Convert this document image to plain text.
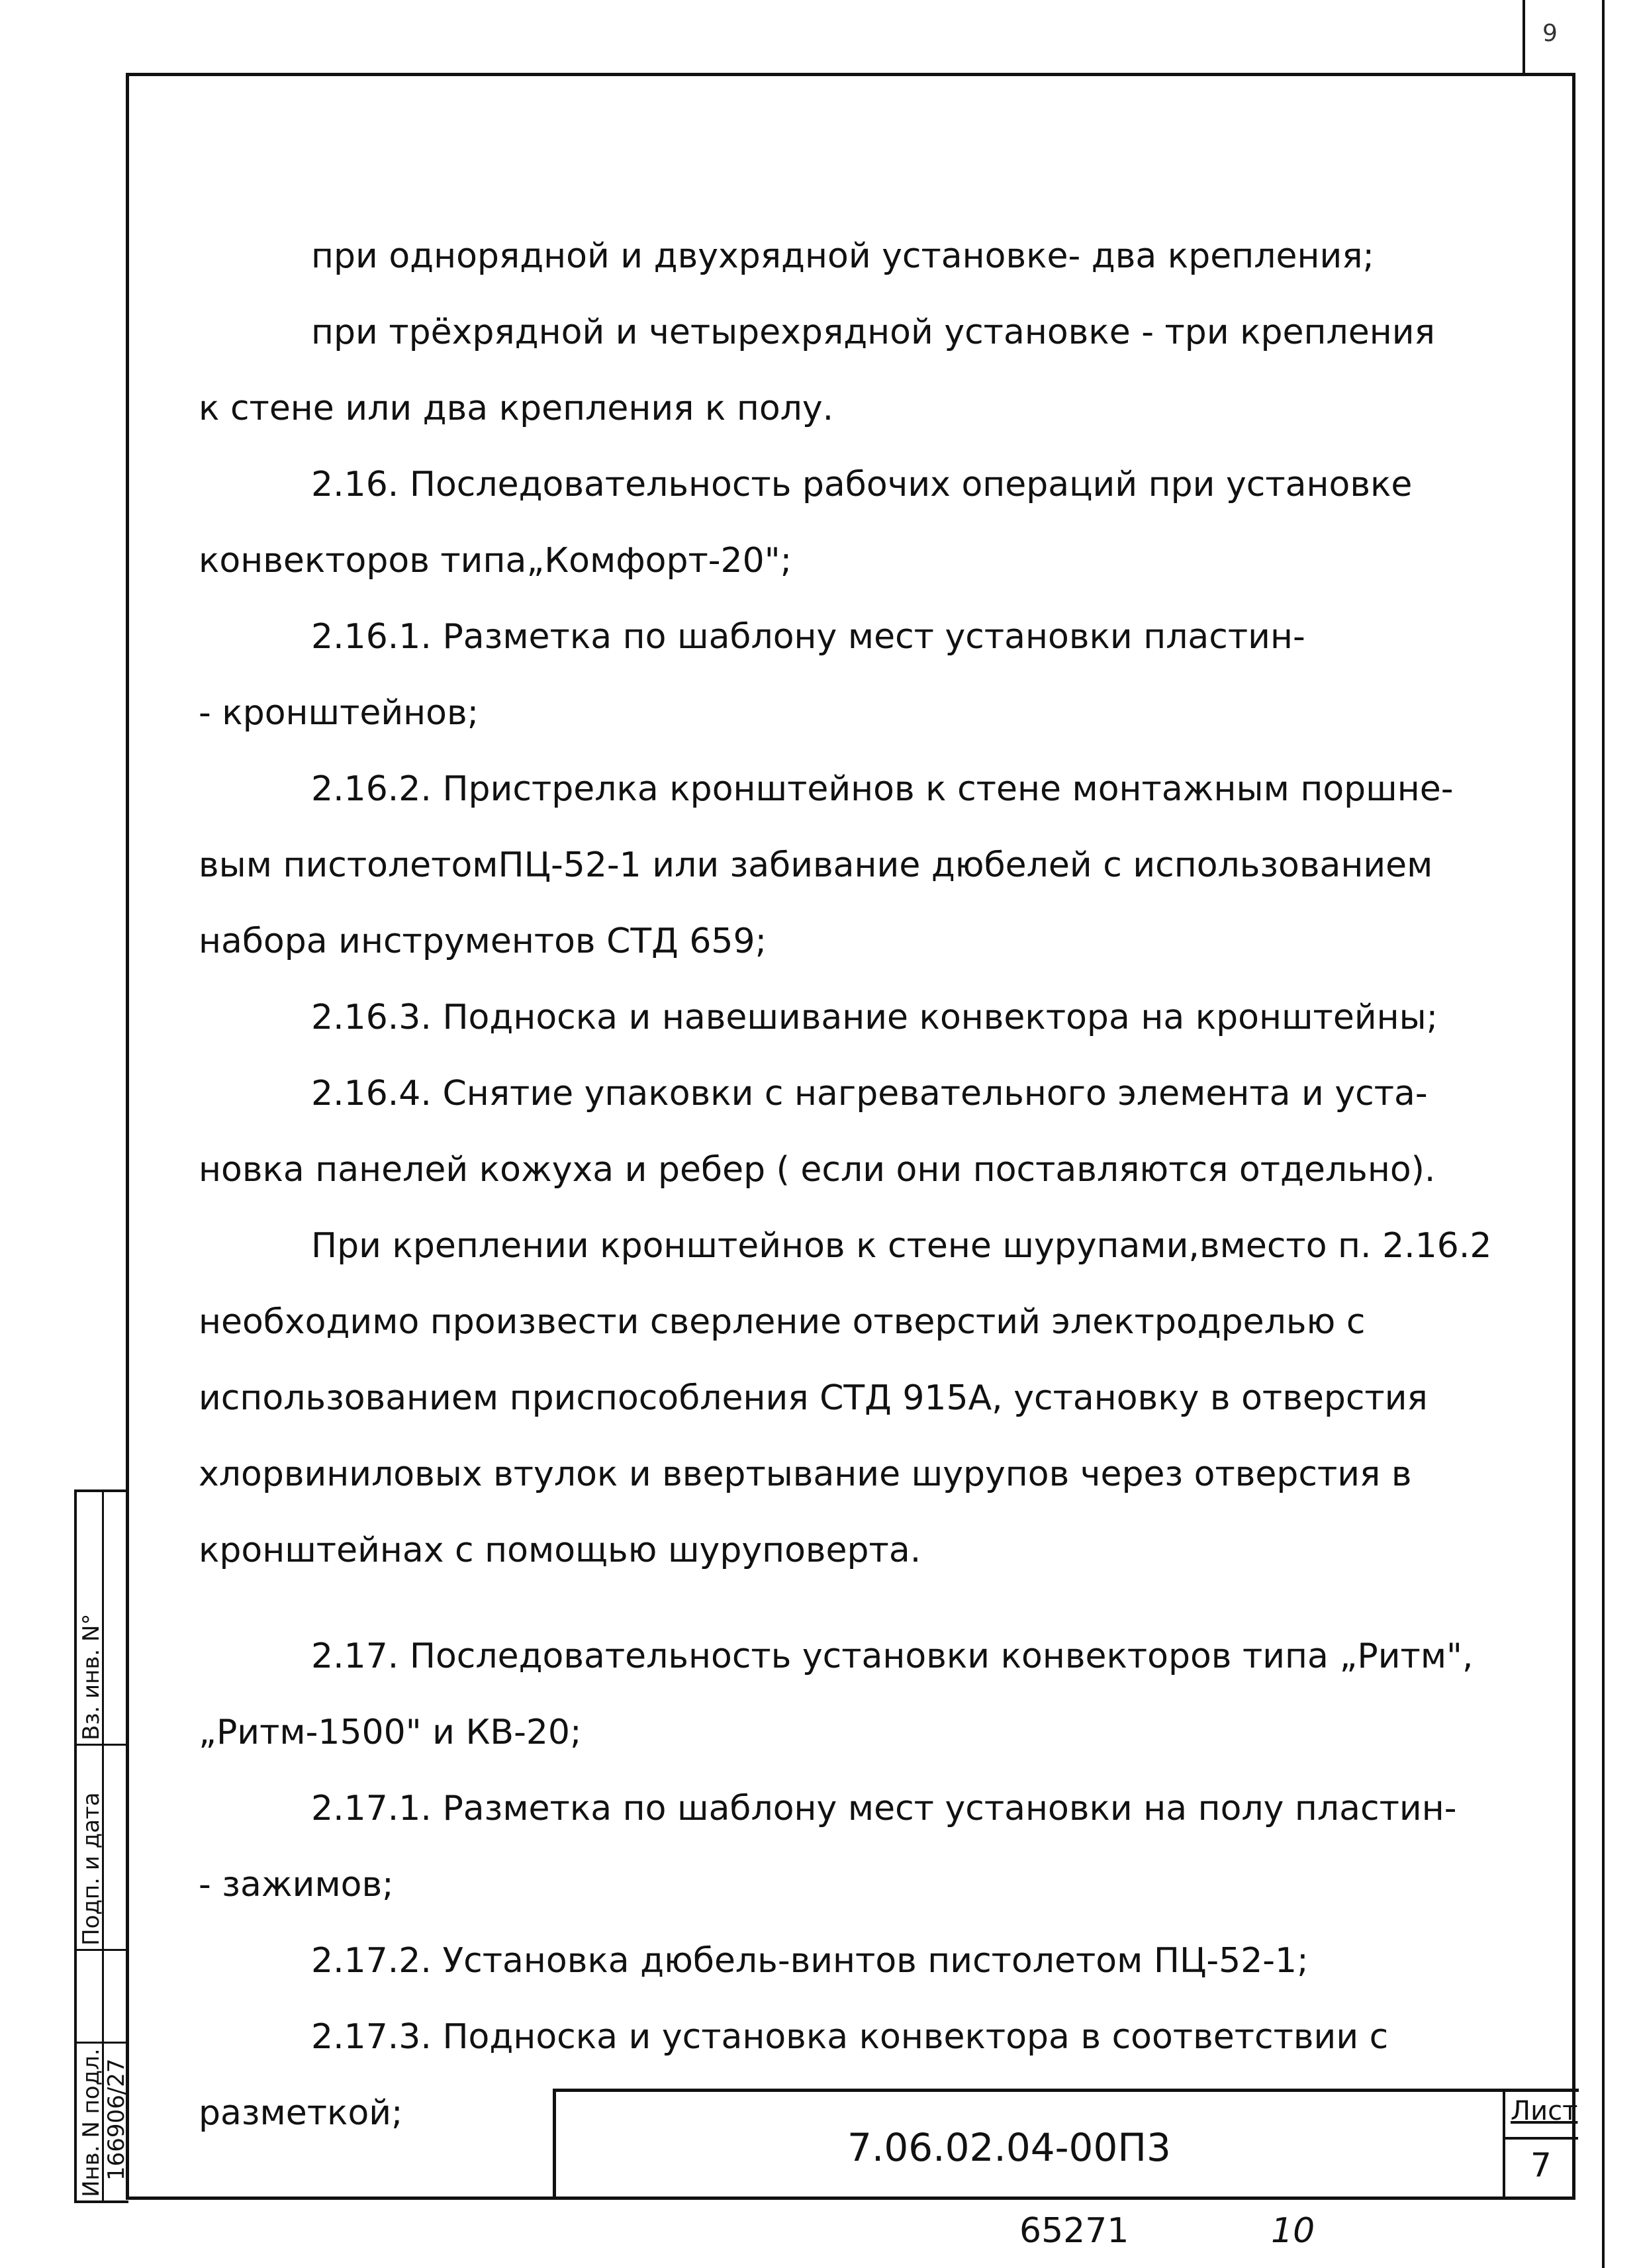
9
при однорядной и двухрядной установке- два крепления;
при трёхрядной и четырехрядной установке - три крепления
к стене или два крепления к полу.
2.16. Последовательность рабочих операций при установке
конвекторов типа„Комфорт-20";
2.16.1. Разметка по шаблону мест установки пластин-
- кронштейнов;
2.16.2. Пристрелка кронштейнов к стене монтажным поршне-
вым пистолетомПЦ-52-1 или забивание дюбелей с использованием
набора инструментов СТД 659;
2.16.3. Подноска и навешивание конвектора на кронштейны;
2.16.4. Снятие упаковки с нагревательного элемента и уста-
новка панелей кожуха и ребер ( если они поставляются отдельно).
При креплении кронштейнов к стене шурупами,вместо п. 2.16.2
необходимо произвести сверление отверстий электродрелью с
использованием приспособления СТД 915А, установку в отверстия
хлорвиниловых втулок и ввертывание шурупов через отверстия в
кронштейнах с помощью шуруповерта.
2.17. Последовательность установки конвекторов типа „Ритм",
„Ритм-1500" и КВ-20;
2.17.1. Разметка по шаблону мест установки на полу пластин-
- зажимов;
2.17.2. Установка дюбель-винтов пистолетом ПЦ-52-1;
2.17.3. Подноска и установка конвектора в соответствии с
разметкой;
Вз. инв. N°
Подп. и дата
Инв. N подл.
166906/27	7.06.02.04-00П3
Лист
7
65271	10
